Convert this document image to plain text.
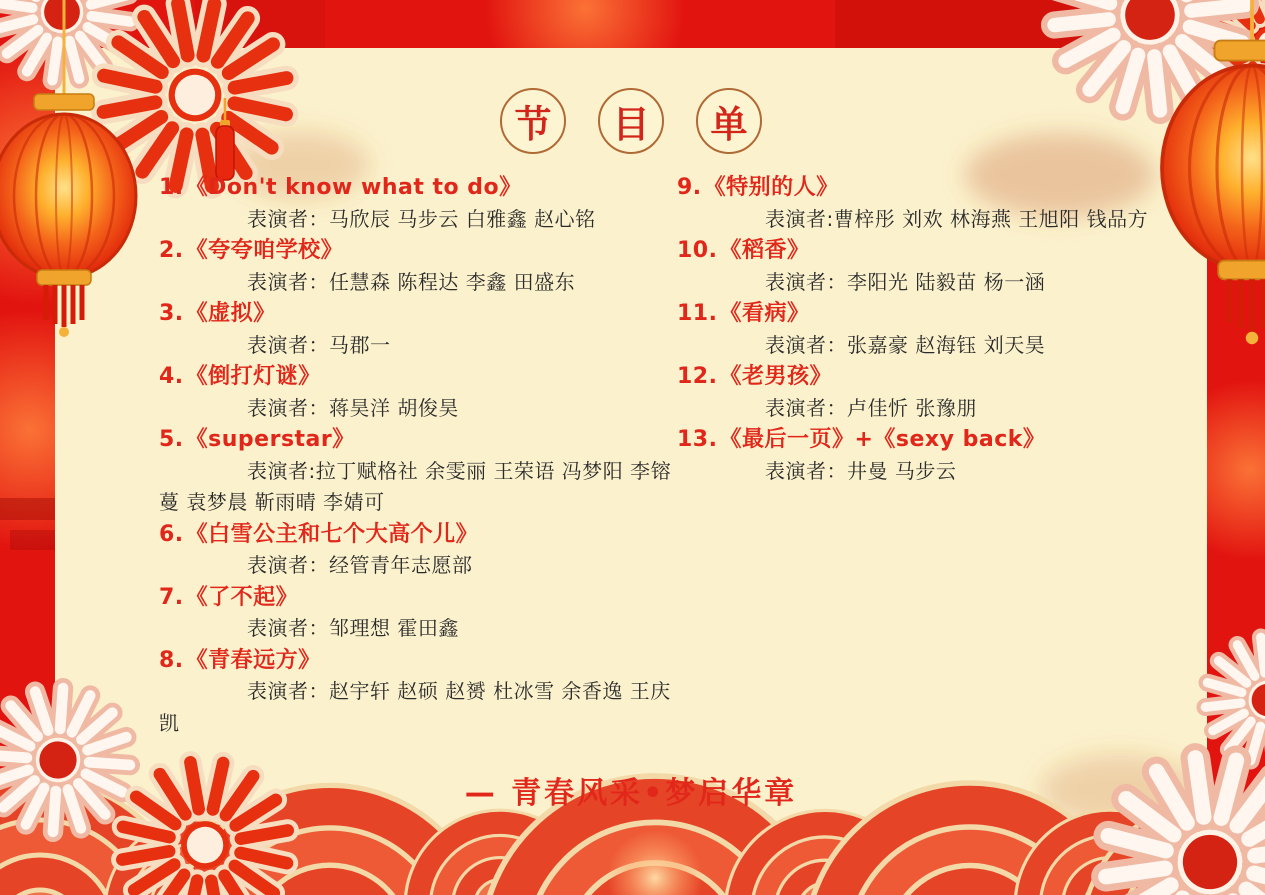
节 目 单
1.《Don't know what to do》
表演者：马欣辰 马步云 白雅鑫 赵心铭
2.《夸夸咱学校》
表演者：任慧森 陈程达 李鑫 田盛东
3.《虚拟》
表演者：马郡一
4.《倒打灯谜》
表演者：蒋昊洋 胡俊昊
5.《superstar》
表演者:拉丁赋格社 余雯丽 王荣语 冯梦阳 李镕蔓 袁梦晨 靳雨晴 李婧可
6.《白雪公主和七个大高个儿》
表演者：经管青年志愿部
7.《了不起》
表演者：邹理想 霍田鑫
8.《青春远方》
表演者：赵宇轩 赵硕 赵赟 杜冰雪 余香逸 王庆凯
9.《特别的人》
表演者:曹梓彤 刘欢 林海燕 王旭阳 钱品方
10.《稻香》
表演者：李阳光 陆毅苗 杨一涵
11.《看病》
表演者：张嘉豪 赵海钰 刘天昊
12.《老男孩》
表演者：卢佳忻 张豫朋
13.《最后一页》+《sexy back》
表演者：井曼 马步云
— 青春风采•梦启华章
